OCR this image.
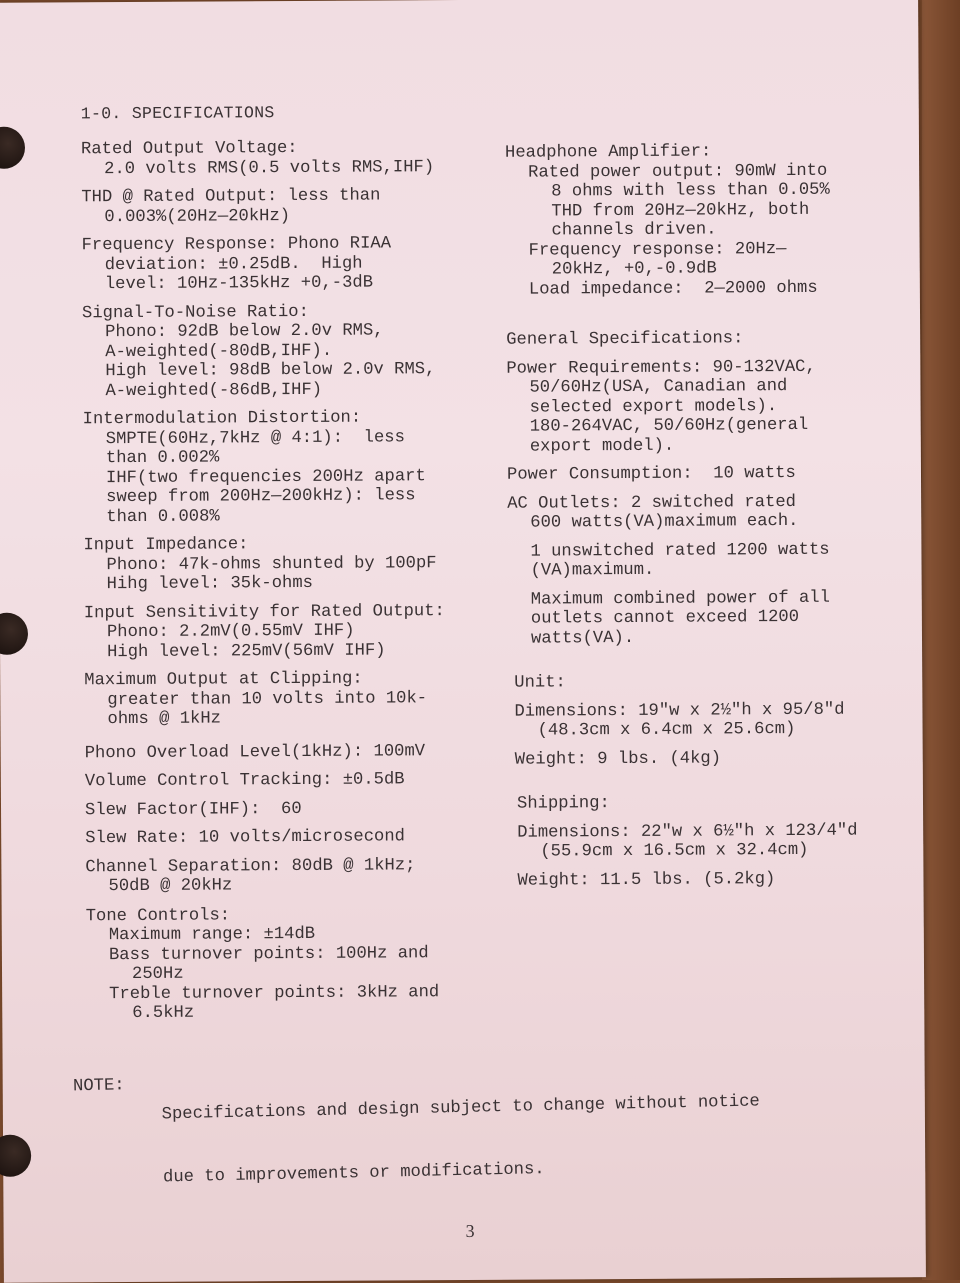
1-0. SPECIFICATIONS
Rated Output Voltage:
2.0 volts RMS(0.5 volts RMS,IHF)
THD @ Rated Output: less than
0.003%(20Hz—20kHz)
Frequency Response: Phono RIAA
deviation: ±0.25dB.  High
level: 10Hz-135kHz +0,-3dB
Signal-To-Noise Ratio:
Phono: 92dB below 2.0v RMS,
A-weighted(-80dB,IHF).
High level: 98dB below 2.0v RMS,
A-weighted(-86dB,IHF)
Intermodulation Distortion:
SMPTE(60Hz,7kHz @ 4:1):  less
than 0.002%
IHF(two frequencies 200Hz apart
sweep from 200Hz—200kHz): less
than 0.008%
Input Impedance:
Phono: 47k-ohms shunted by 100pF
Hihg level: 35k-ohms
Input Sensitivity for Rated Output:
Phono: 2.2mV(0.55mV IHF)
High level: 225mV(56mV IHF)
Maximum Output at Clipping:
greater than 10 volts into 10k-
ohms @ 1kHz
Phono Overload Level(1kHz): 100mV
Volume Control Tracking: ±0.5dB
Slew Factor(IHF):  60
Slew Rate: 10 volts/microsecond
Channel Separation: 80dB @ 1kHz;
50dB @ 20kHz
Tone Controls:
Maximum range: ±14dB
Bass turnover points: 100Hz and
250Hz
Treble turnover points: 3kHz and
6.5kHz
Headphone Amplifier:
Rated power output: 90mW into
8 ohms with less than 0.05%
THD from 20Hz—20kHz, both
channels driven.
Frequency response: 20Hz—
20kHz, +0,-0.9dB
Load impedance:  2—2000 ohms
General Specifications:
Power Requirements: 90-132VAC,
50/60Hz(USA, Canadian and
selected export models).
180-264VAC, 50/60Hz(general
export model).
Power Consumption:  10 watts
AC Outlets: 2 switched rated
600 watts(VA)maximum each.
1 unswitched rated 1200 watts
(VA)maximum.
Maximum combined power of all
outlets cannot exceed 1200
watts(VA).
Unit:
Dimensions: 19"w x 2½"h x 95/8"d
(48.3cm x 6.4cm x 25.6cm)
Weight: 9 lbs. (4kg)
Shipping:
Dimensions: 22"w x 6½"h x 123/4"d
(55.9cm x 16.5cm x 32.4cm)
Weight: 11.5 lbs. (5.2kg)
NOTE:

Specifications and design subject to change without notice

due to improvements or modifications.

3
